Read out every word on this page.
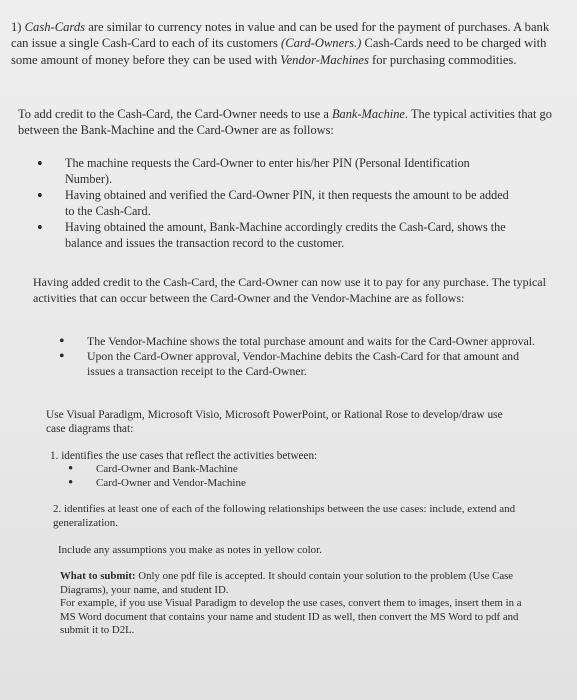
1) Cash-Cards are similar to currency notes in value and can be used for the payment of purchases. A bank can issue a single Cash-Card to each of its customers (Card-Owners.) Cash-Cards need to be charged with some amount of money before they can be used with Vendor-Machines for purchasing commodities.

To add credit to the Cash-Card, the Card-Owner needs to use a Bank-Machine. The typical activities that go between the Bank-Machine and the Card-Owner are as follows:

• The machine requests the Card-Owner to enter his/her PIN (Personal Identification Number).
• Having obtained and verified the Card-Owner PIN, it then requests the amount to be added to the Cash-Card.
• Having obtained the amount, Bank-Machine accordingly credits the Cash-Card, shows the balance and issues the transaction record to the customer.

Having added credit to the Cash-Card, the Card-Owner can now use it to pay for any purchase. The typical activities that can occur between the Card-Owner and the Vendor-Machine are as follows:

• The Vendor-Machine shows the total purchase amount and waits for the Card-Owner approval.
• Upon the Card-Owner approval, Vendor-Machine debits the Cash-Card for that amount and issues a transaction receipt to the Card-Owner.

Use Visual Paradigm, Microsoft Visio, Microsoft PowerPoint, or Rational Rose to develop/draw use case diagrams that:

1. identifies the use cases that reflect the activities between:

• Card-Owner and Bank-Machine
• Card-Owner and Vendor-Machine

2. identifies at least one of each of the following relationships between the use cases: include, extend and generalization.

Include any assumptions you make as notes in yellow color.

What to submit: Only one pdf file is accepted. It should contain your solution to the problem (Use Case Diagrams), your name, and student ID.
For example, if you use Visual Paradigm to develop the use cases, convert them to images, insert them in a MS Word document that contains your name and student ID as well, then convert the MS Word to pdf and submit it to D2L.
